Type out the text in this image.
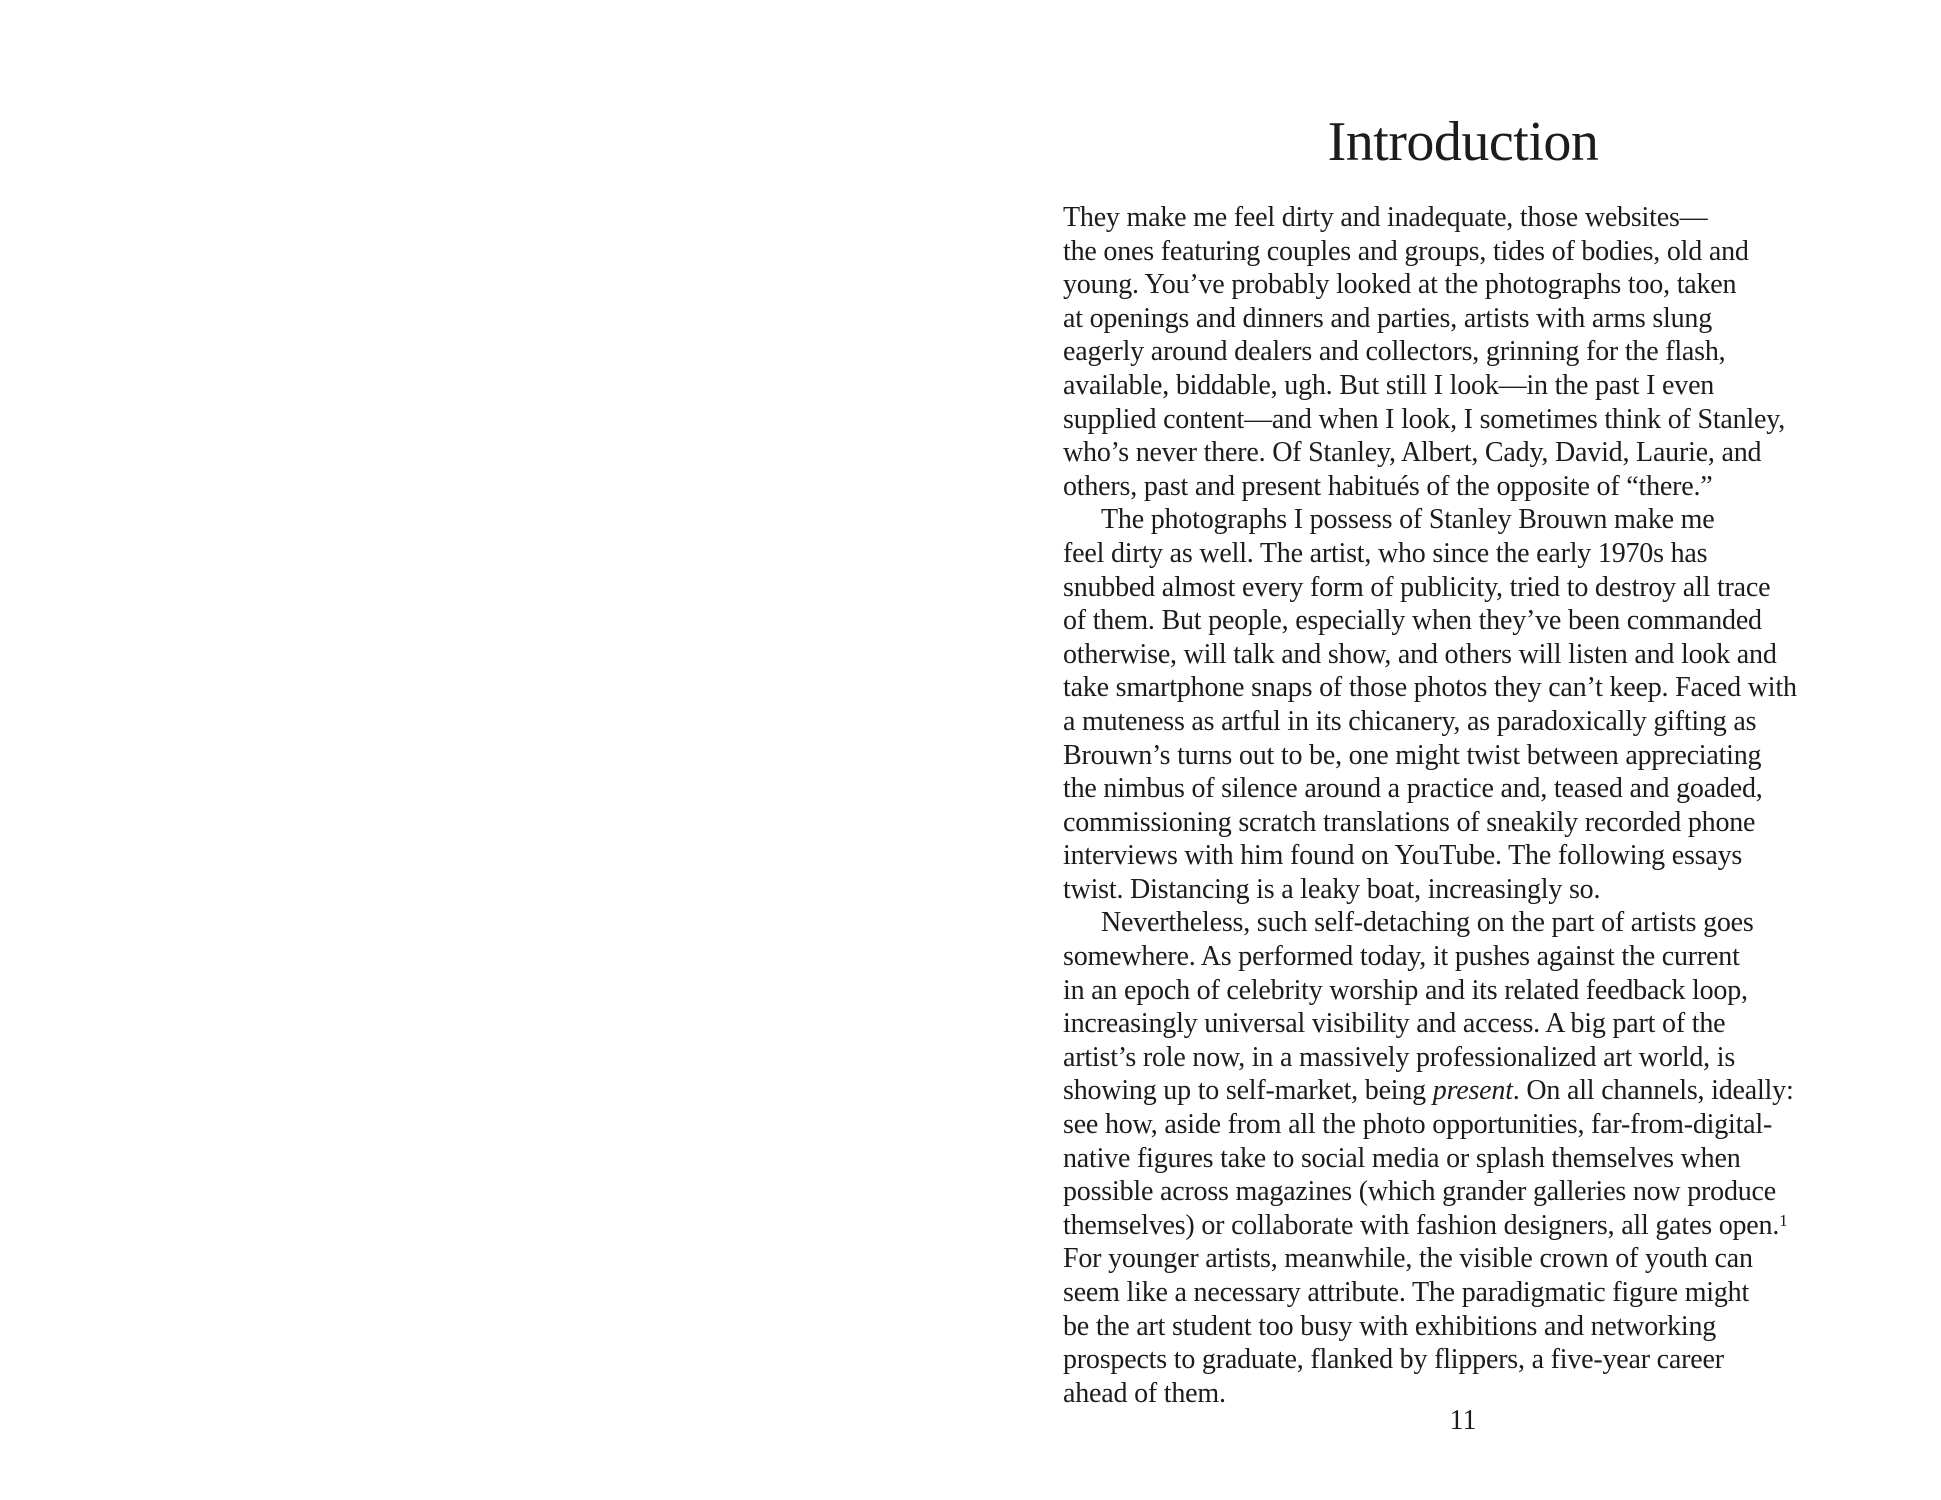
Introduction
They make me feel dirty and inadequate, those websites—
the ones featuring couples and groups, tides of bodies, old and
young. You’ve probably looked at the photographs too, taken
at openings and dinners and parties, artists with arms slung
eagerly around dealers and collectors, grinning for the flash,
available, biddable, ugh. But still I look—in the past I even
supplied content—and when I look, I sometimes think of Stanley,
who’s never there. Of Stanley, Albert, Cady, David, Laurie, and
others, past and present habitués of the opposite of “there.”
The photographs I possess of Stanley Brouwn make me
feel dirty as well. The artist, who since the early 1970s has
snubbed almost every form of publicity, tried to destroy all trace
of them. But people, especially when they’ve been commanded
otherwise, will talk and show, and others will listen and look and
take smartphone snaps of those photos they can’t keep. Faced with
a muteness as artful in its chicanery, as paradoxically gifting as
Brouwn’s turns out to be, one might twist between appreciating
the nimbus of silence around a practice and, teased and goaded,
commissioning scratch translations of sneakily recorded phone
interviews with him found on YouTube. The following essays
twist. Distancing is a leaky boat, increasingly so.
Nevertheless, such self-detaching on the part of artists goes
somewhere. As performed today, it pushes against the current
in an epoch of celebrity worship and its related feedback loop,
increasingly universal visibility and access. A big part of the
artist’s role now, in a massively professionalized art world, is
showing up to self-market, being present. On all channels, ideally:
see how, aside from all the photo opportunities, far-from-digital-
native figures take to social media or splash themselves when
possible across magazines (which grander galleries now produce
themselves) or collaborate with fashion designers, all gates open.$^1$
For younger artists, meanwhile, the visible crown of youth can
seem like a necessary attribute. The paradigmatic figure might
be the art student too busy with exhibitions and networking
prospects to graduate, flanked by flippers, a five-year career
ahead of them.
11
